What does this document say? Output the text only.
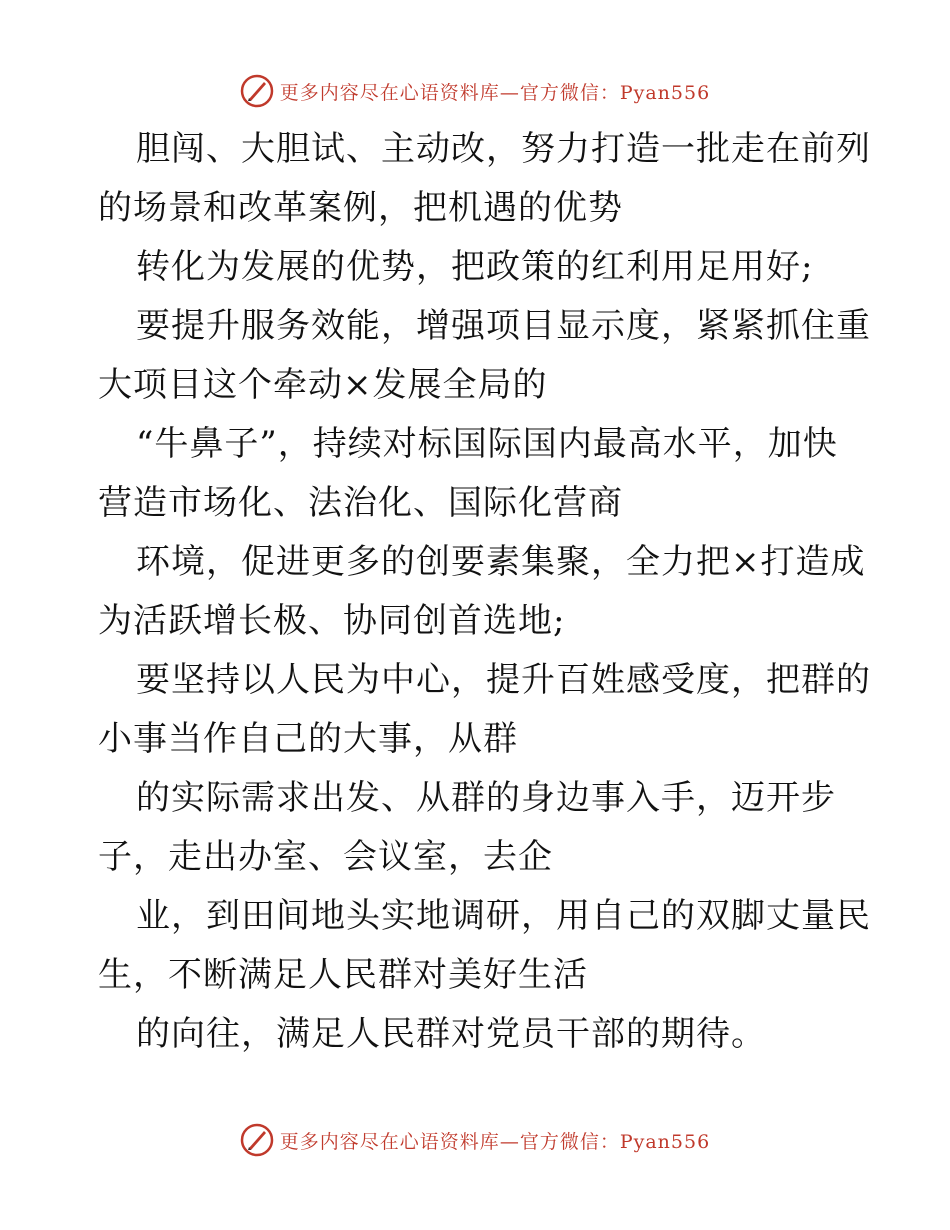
更多内容尽在心语资料库—官方微信：Pyan556
胆闯、大胆试、主动改，努力打造一批走在前列
的场景和改革案例，把机遇的优势
转化为发展的优势，把政策的红利用足用好;
要提升服务效能，增强项目显示度，紧紧抓住重
大项目这个牵动×发展全局的
“牛鼻子”，持续对标国际国内最高水平，加快
营造市场化、法治化、国际化营商
环境，促进更多的创要素集聚，全力把×打造成
为活跃增长极、协同创首选地;
要坚持以人民为中心，提升百姓感受度，把群的
小事当作自己的大事，从群
的实际需求出发、从群的身边事入手，迈开步
子，走出办室、会议室，去企
业，到田间地头实地调研，用自己的双脚丈量民
生，不断满足人民群对美好生活
的向往，满足人民群对党员干部的期待。
更多内容尽在心语资料库—官方微信：Pyan556
